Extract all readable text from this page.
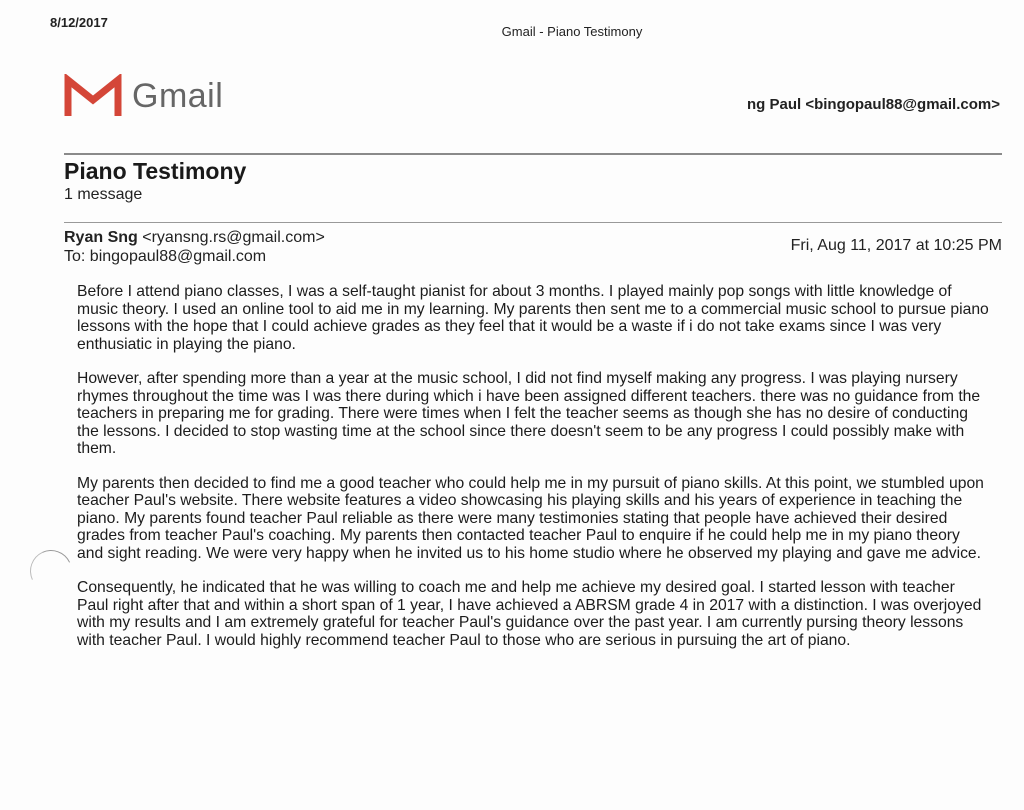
8/12/2017
Gmail - Piano Testimony
Gmail	ng Paul <bingopaul88@gmail.com>
Piano Testimony
1 message
Ryan Sng <ryansng.rs@gmail.com>
To: bingopaul88@gmail.com
Fri, Aug 11, 2017 at 10:25 PM

Before I attend piano classes, I was a self-taught pianist for about 3 months. I played mainly pop songs with little knowledge of music theory. I used an online tool to aid me in my learning. My parents then sent me to a commercial music school to pursue piano lessons with the hope that I could achieve grades as they feel that it would be a waste if i do not take exams since I was very enthusiatic in playing the piano.

However, after spending more than a year at the music school, I did not find myself making any progress. I was playing nursery rhymes throughout the time was I was there during which i have been assigned different teachers. there was no guidance from the teachers in preparing me for grading. There were times when I felt the teacher seems as though she has no desire of conducting the lessons. I decided to stop wasting time at the school since there doesn't seem to be any progress I could possibly make with them.

My parents then decided to find me a good teacher who could help me in my pursuit of piano skills. At this point, we stumbled upon teacher Paul's website. There website features a video showcasing his playing skills and his years of experience in teaching the piano. My parents found teacher Paul reliable as there were many testimonies stating that people have achieved their desired grades from teacher Paul's coaching. My parents then contacted teacher Paul to enquire if he could help me in my piano theory and sight reading. We were very happy when he invited us to his home studio where he observed my playing and gave me advice.

Consequently, he indicated that he was willing to coach me and help me achieve my desired goal. I started lesson with teacher Paul right after that and within a short span of 1 year, I have achieved a ABRSM grade 4 in 2017 with a distinction. I was overjoyed with my results and I am extremely grateful for teacher Paul's guidance over the past year. I am currently pursing theory lessons with teacher Paul. I would highly recommend teacher Paul to those who are serious in pursuing the art of piano.
